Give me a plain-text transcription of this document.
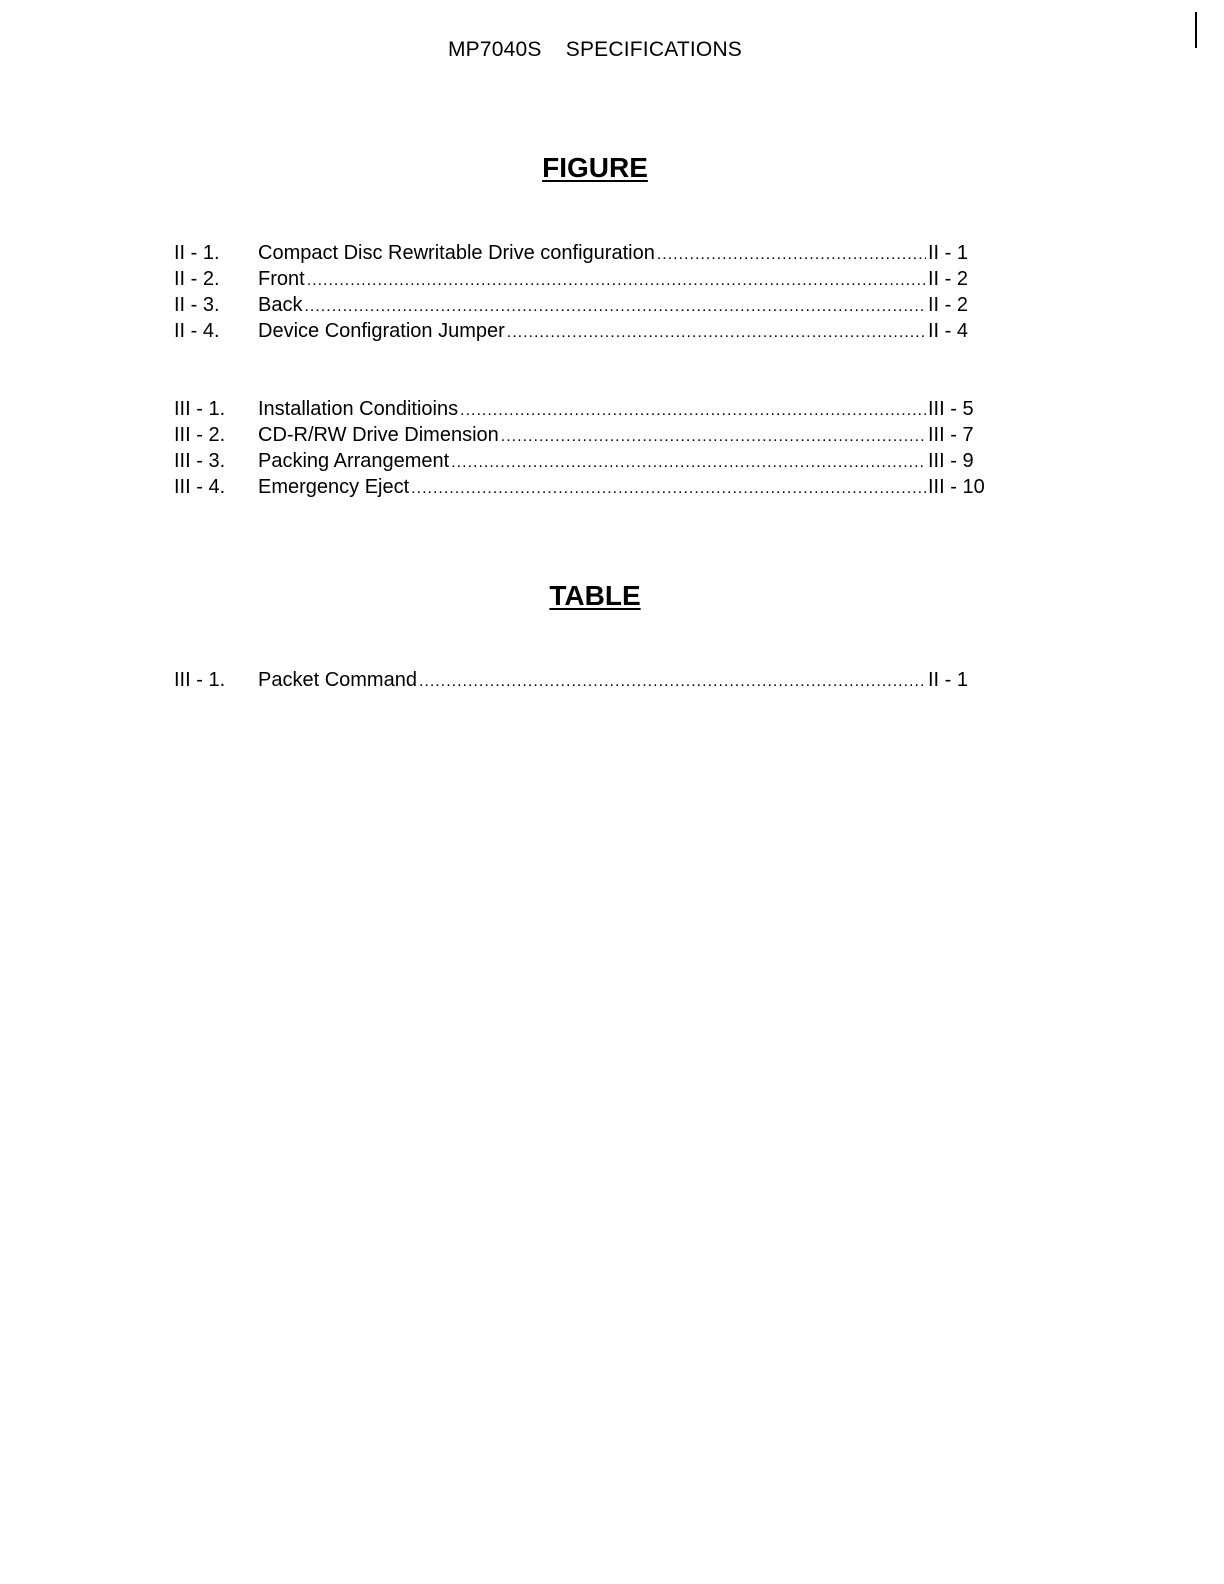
MP7040S    SPECIFICATIONS
FIGURE
II - 1.	Compact Disc Rewritable Drive configuration .....	II - 1
II - 2.	Front .....	II - 2
II - 3.	Back .....	II - 2
II - 4.	Device Configration Jumper .....	II - 4
III - 1.	Installation Conditioins .....	III - 5
III - 2.	CD-R/RW Drive Dimension .....	III - 7
III - 3.	Packing Arrangement .....	III - 9
III - 4.	Emergency Eject .....	III - 10
TABLE
III - 1.	Packet Command .....	II - 1
